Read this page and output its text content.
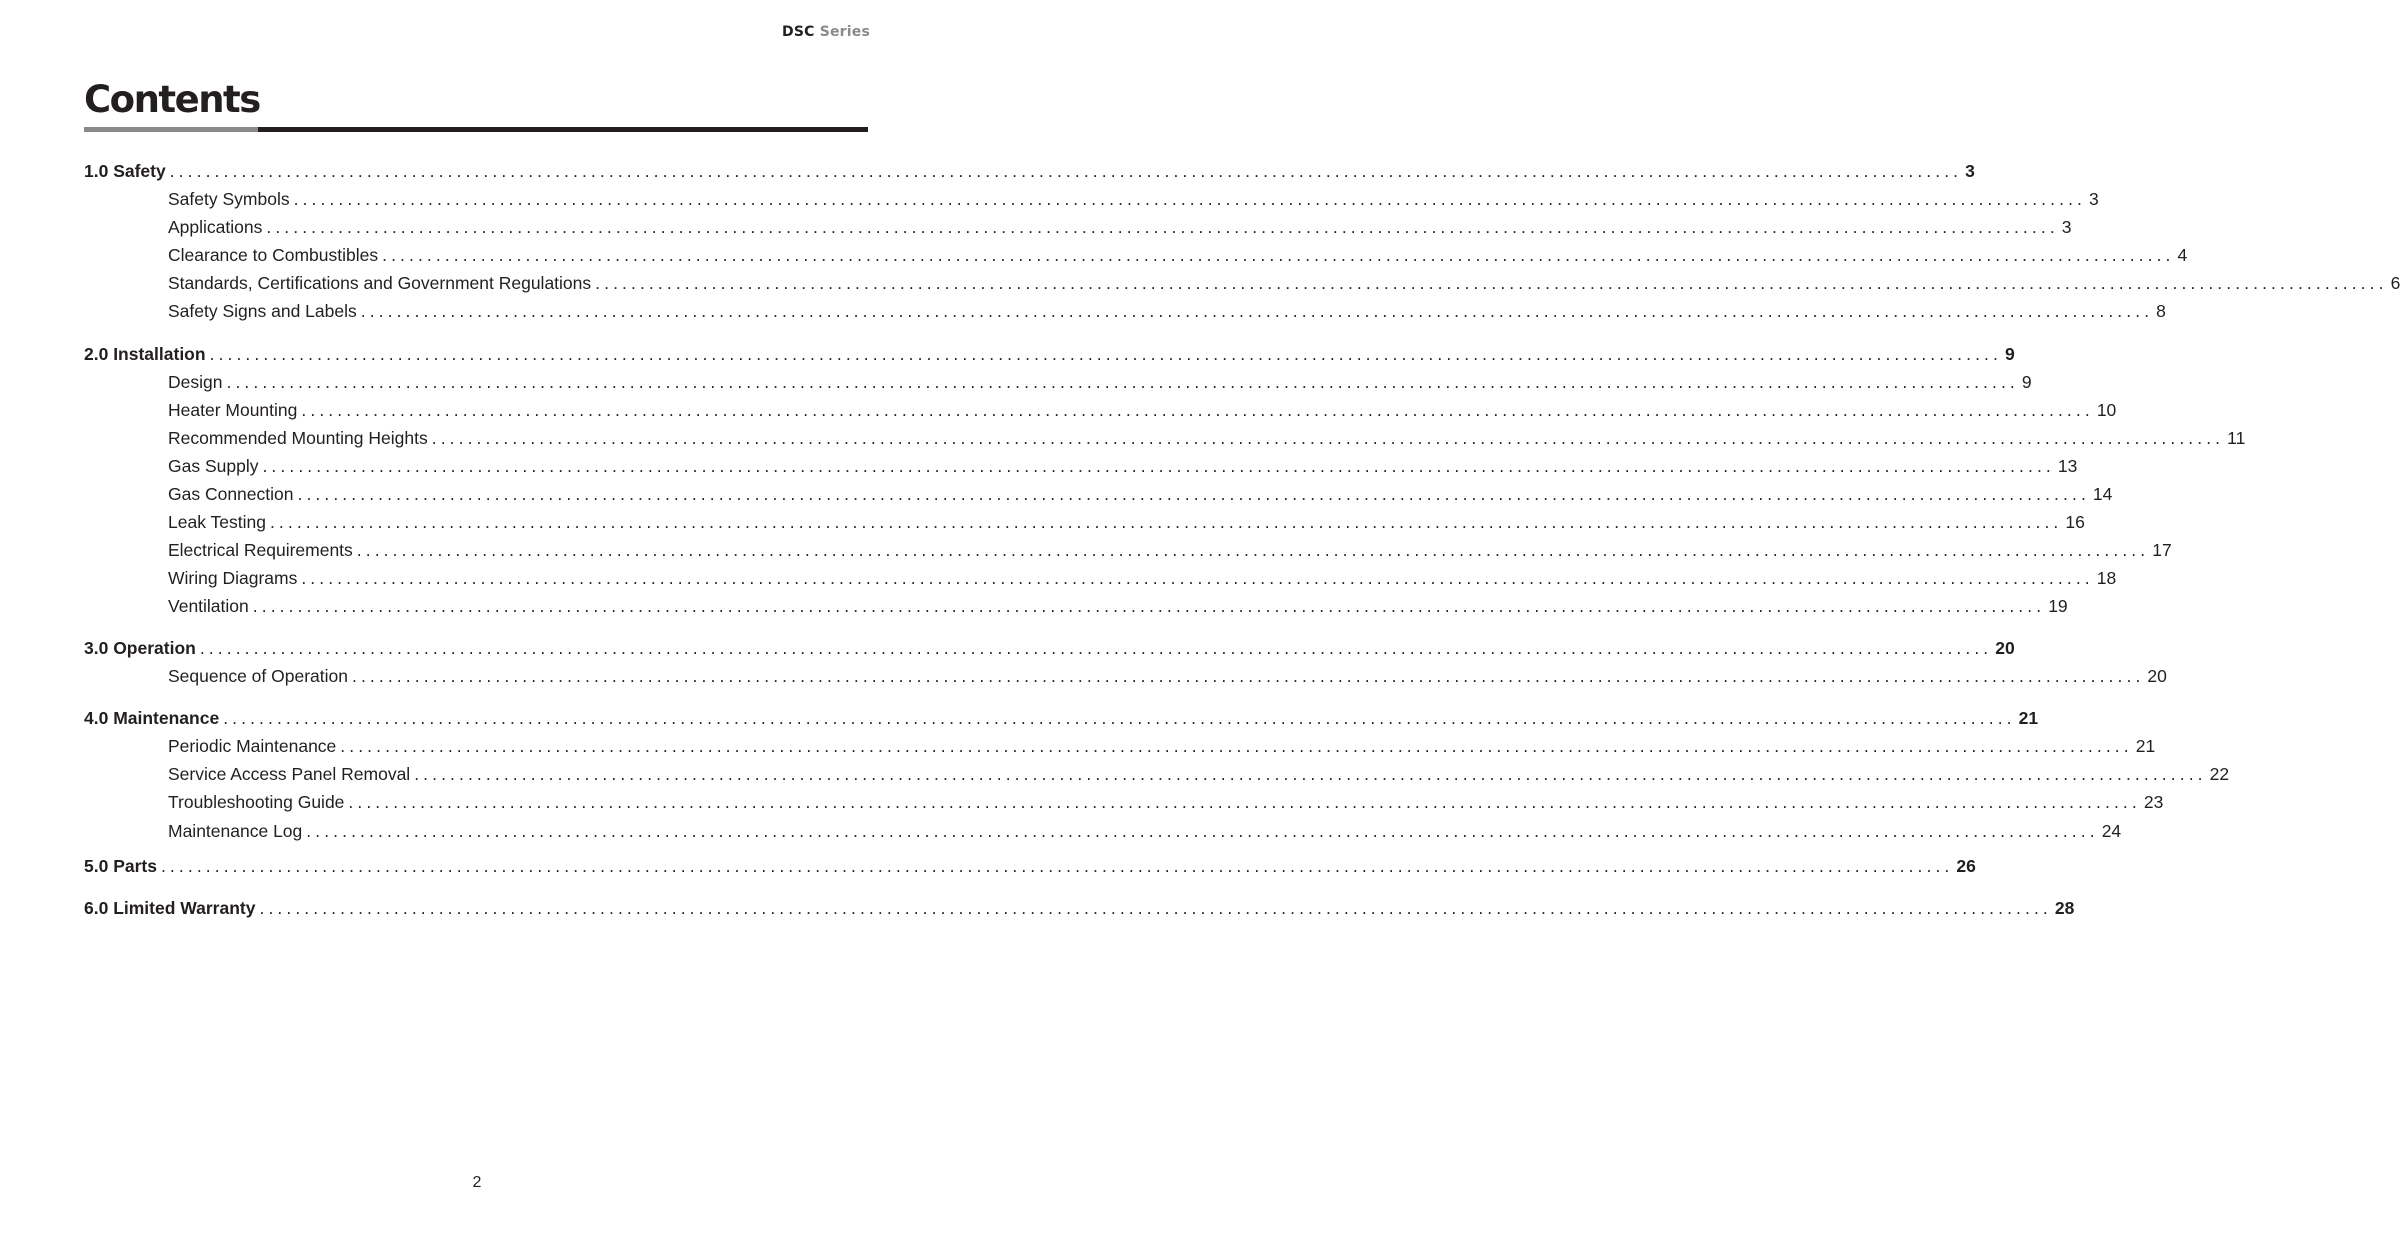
DSC Series
Contents
1.0 Safety ........................................................................................................................................................................................................ 3
Safety Symbols ........................................................................................................................................................................................................ 3
Applications ........................................................................................................................................................................................................ 3
Clearance to Combustibles ........................................................................................................................................................................................................ 4
Standards, Certifications and Government Regulations ........................................................................................................................................................................................................ 6
Safety Signs and Labels ........................................................................................................................................................................................................ 8
2.0 Installation ........................................................................................................................................................................................................ 9
Design ........................................................................................................................................................................................................ 9
Heater Mounting ........................................................................................................................................................................................................ 10
Recommended Mounting Heights ........................................................................................................................................................................................................ 11
Gas Supply ........................................................................................................................................................................................................ 13
Gas Connection ........................................................................................................................................................................................................ 14
Leak Testing ........................................................................................................................................................................................................ 16
Electrical Requirements ........................................................................................................................................................................................................ 17
Wiring Diagrams ........................................................................................................................................................................................................ 18
Ventilation ........................................................................................................................................................................................................ 19
3.0 Operation ........................................................................................................................................................................................................ 20
Sequence of Operation ........................................................................................................................................................................................................ 20
4.0 Maintenance ........................................................................................................................................................................................................ 21
Periodic Maintenance ........................................................................................................................................................................................................ 21
Service Access Panel Removal ........................................................................................................................................................................................................ 22
Troubleshooting Guide ........................................................................................................................................................................................................ 23
Maintenance Log ........................................................................................................................................................................................................ 24
5.0 Parts ........................................................................................................................................................................................................ 26
6.0 Limited Warranty ........................................................................................................................................................................................................ 28
2
